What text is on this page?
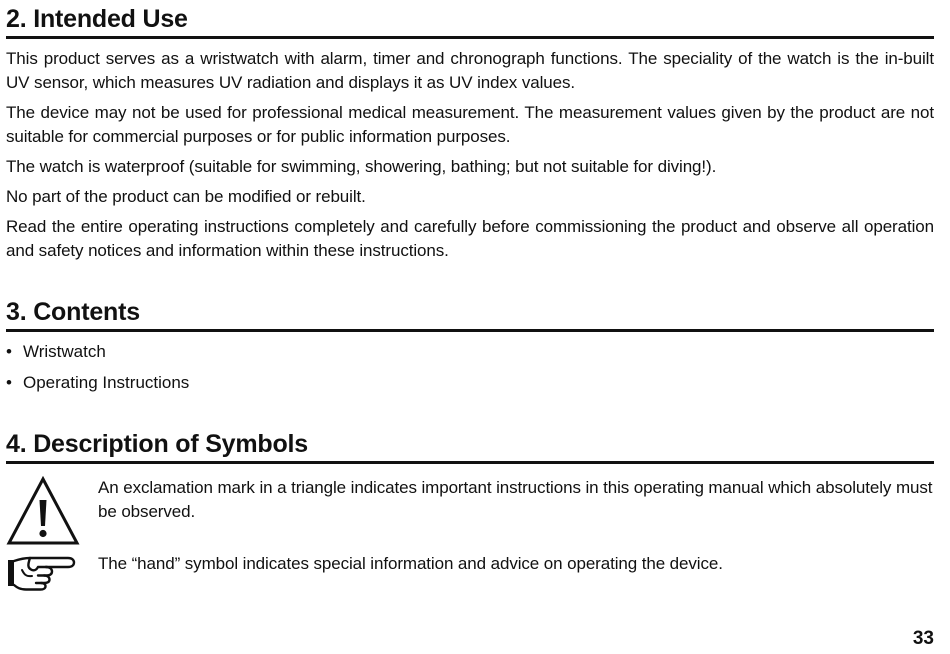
2. Intended Use

This product serves as a wristwatch with alarm, timer and chronograph functions. The speciality of the watch is the in-built UV sensor, which measures UV radiation and displays it as UV index values.

The device may not be used for professional medical measurement. The measurement values given by the product are not suitable for commercial purposes or for public information purposes.

The watch is waterproof (suitable for swimming, showering, bathing; but not suitable for diving!).

No part of the product can be modified or rebuilt.

Read the entire operating instructions completely and carefully before commissioning the product and observe all operation and safety notices and information within these instructions.

3. Contents
• Wristwatch
• Operating Instructions
4. Description of Symbols
An exclamation mark in a triangle indicates important instructions in this operating manual which absolutely must be observed.
The “hand” symbol indicates special information and advice on operating the device.
33
